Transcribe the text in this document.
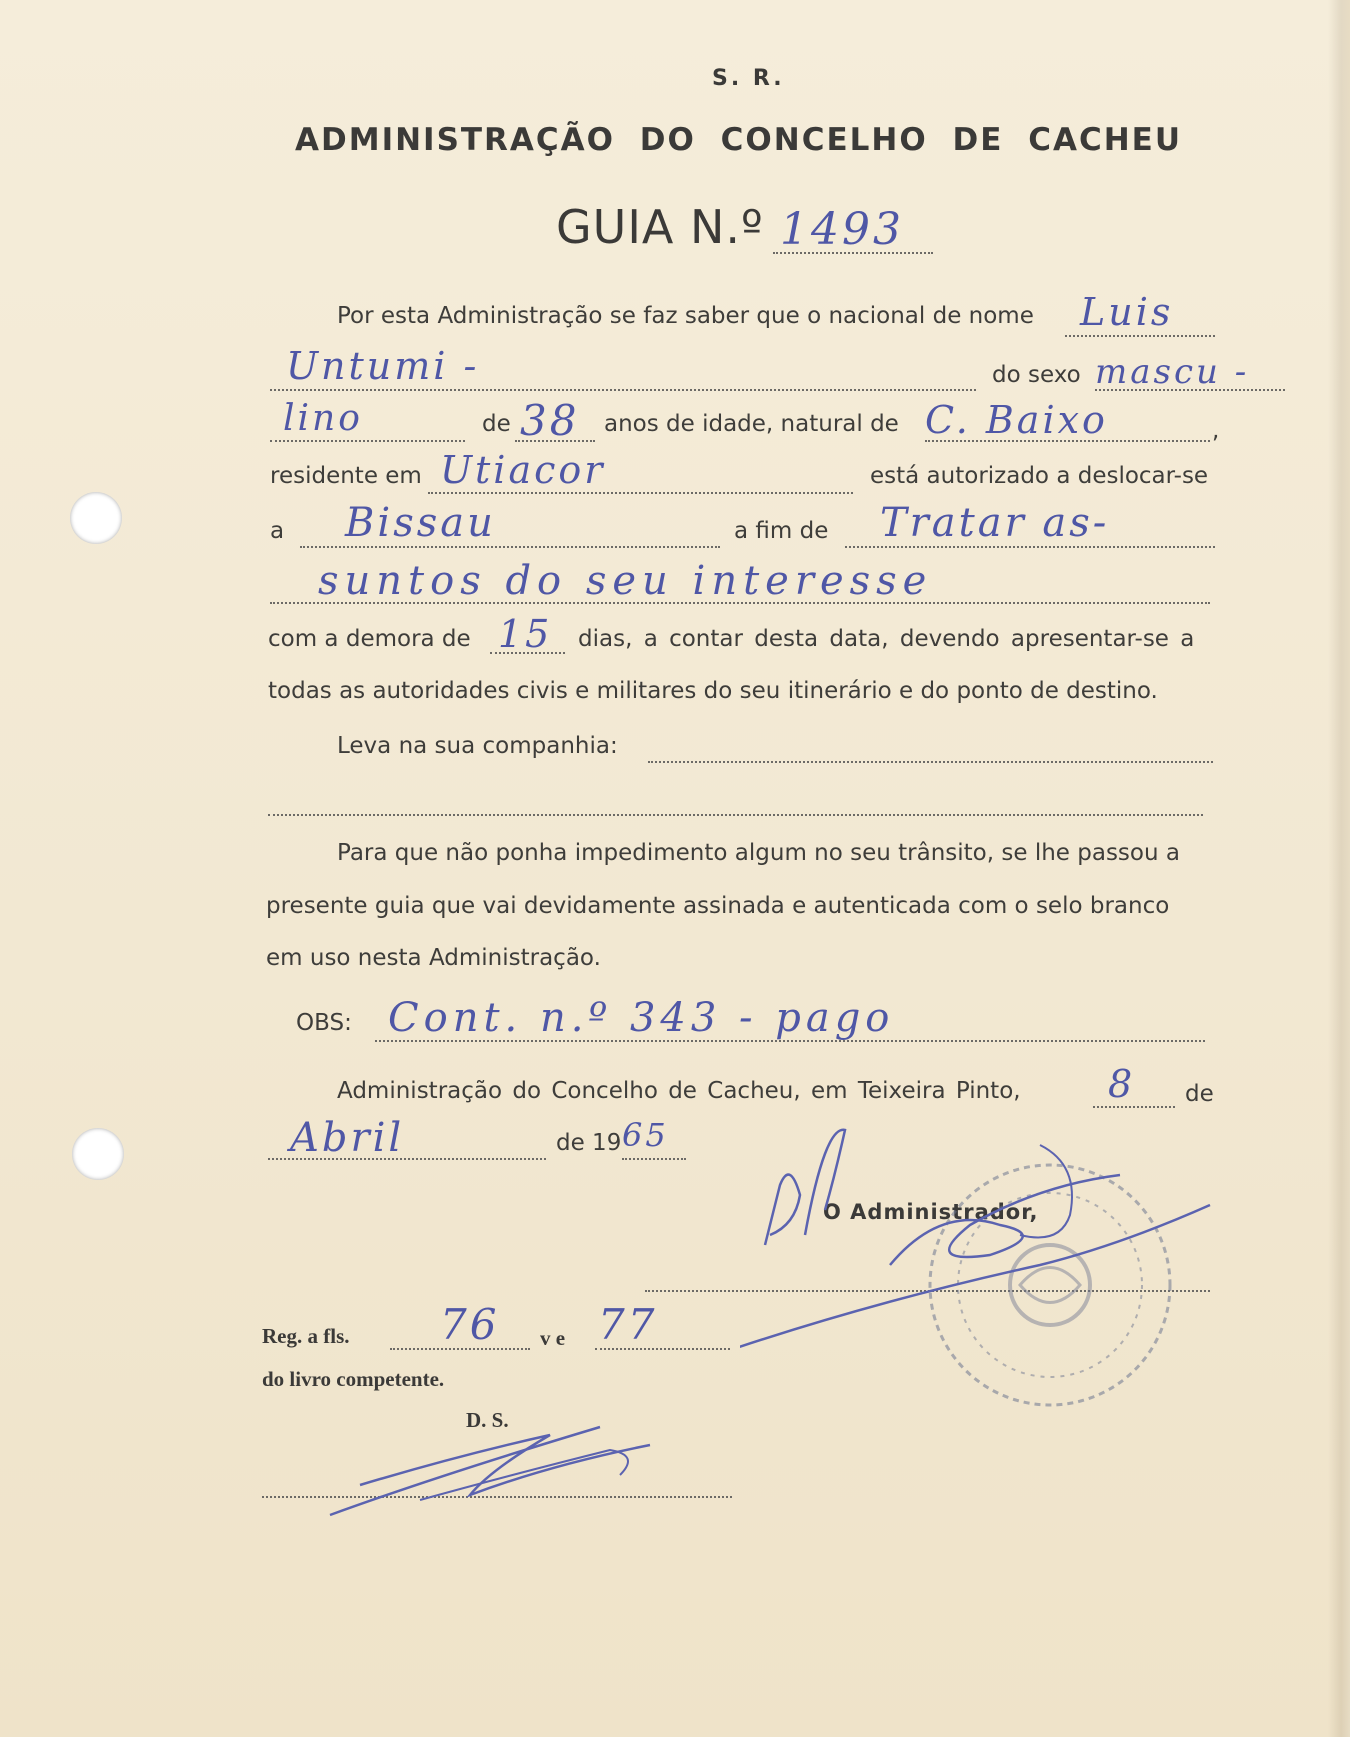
S. R.
ADMINISTRAÇÃO DO CONCELHO DE CACHEU
GUIA N.º 1493
Por esta Administração se faz saber que o nacional de nome Luis
Untumi -	do sexo mascu -
lino	de 38 anos de idade, natural de C. Baixo	,
residente em Utiacor	está autorizado a deslocar-se
a Bissau	a fim de Tratar as-
suntos do seu interesse
com a demora de 15 dias, a contar desta data, devendo apresentar-se a
todas as autoridades civis e militares do seu itinerário e do ponto de destino.
Leva na sua companhia:
Para que não ponha impedimento algum no seu trânsito, se lhe passou a
presente guia que vai devidamente assinada e autenticada com o selo branco
em uso nesta Administração.
OBS: Cont. n.º 343 - pago
Administração do Concelho de Cacheu, em Teixeira Pinto, 8 de
Abril	de 19 65
O Administrador,
Reg. a fls. 76 v e 77
do livro competente.
D. S.
